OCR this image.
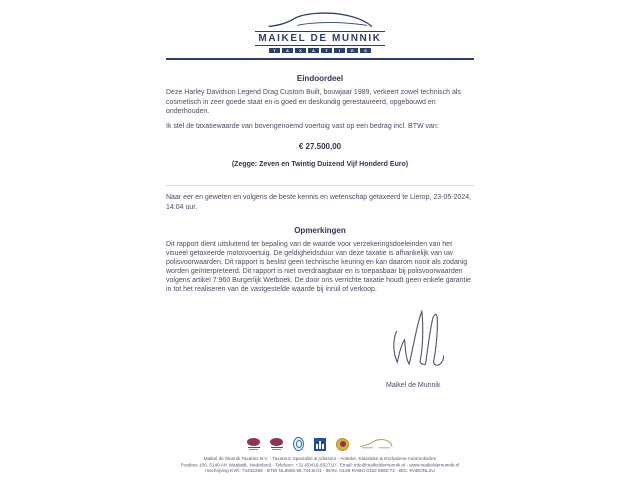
MAIKEL DE MUNNIK
T	A	X	A	T	I	E	S
Eindoordeel

Deze Harley Davidson Legend Drag Custom Built, bouwjaar 1989, verkeert zowel technisch als cosmetisch in zeer goede staat en is goed en deskundig gerestaureerd, opgebouwd en onderhouden.

Ik stel de taxatiewaarde van bovengenoemd voertuig vast op een bedrag incl. BTW van:

€ 27.500,00
(Zegge: Zeven en Twintig Duizend Vijf Honderd Euro)

Naar eer en geweten en volgens de beste kennis en wetenschap getaxeerd te Lierop, 23-05-2024, 14:04 uur.

Opmerkingen

Dit rapport dient uitsluitend ter bepaling van de waarde voor verzekeringsdoeleinden van het visueel getaxeerde motorvoertuig. De geldigheidsduur van deze taxatie is afhankelijk van uw polisvoorwaarden. Dit rapport is beslist geen technische keuring en kan daarom nooit als zodanig worden geïnterpreteerd. Dit rapport is niet overdraagbaar en is toepasbaar bij polisvoorwaarden volgens artikel 7:960 Burgerlijk Wetboek. De door ons verrichte taxatie houdt geen enkele garantie in tot het realiseren van de vastgestelde waarde bij inruil of verkoop.

Maikel de Munnik
Maikel de Munnik Taxaties B.V. - Taxateur, Specialist & Adviseur - Antieke, Klassieke & Exclusieve Automobielen
Postbus 106, 5140 AH Waalwijk, Nederland - Telefoon: +31-(0)416-652710 - Email: info@maikeldemunnik.nl - www.maikeldemunnik.nl
Inschrijving KVK: 74432265 - BTW NL8558.96.734.B.01 - IBAN: NL58 RABO 0152 6560 72 - BIC: RABONL2U
